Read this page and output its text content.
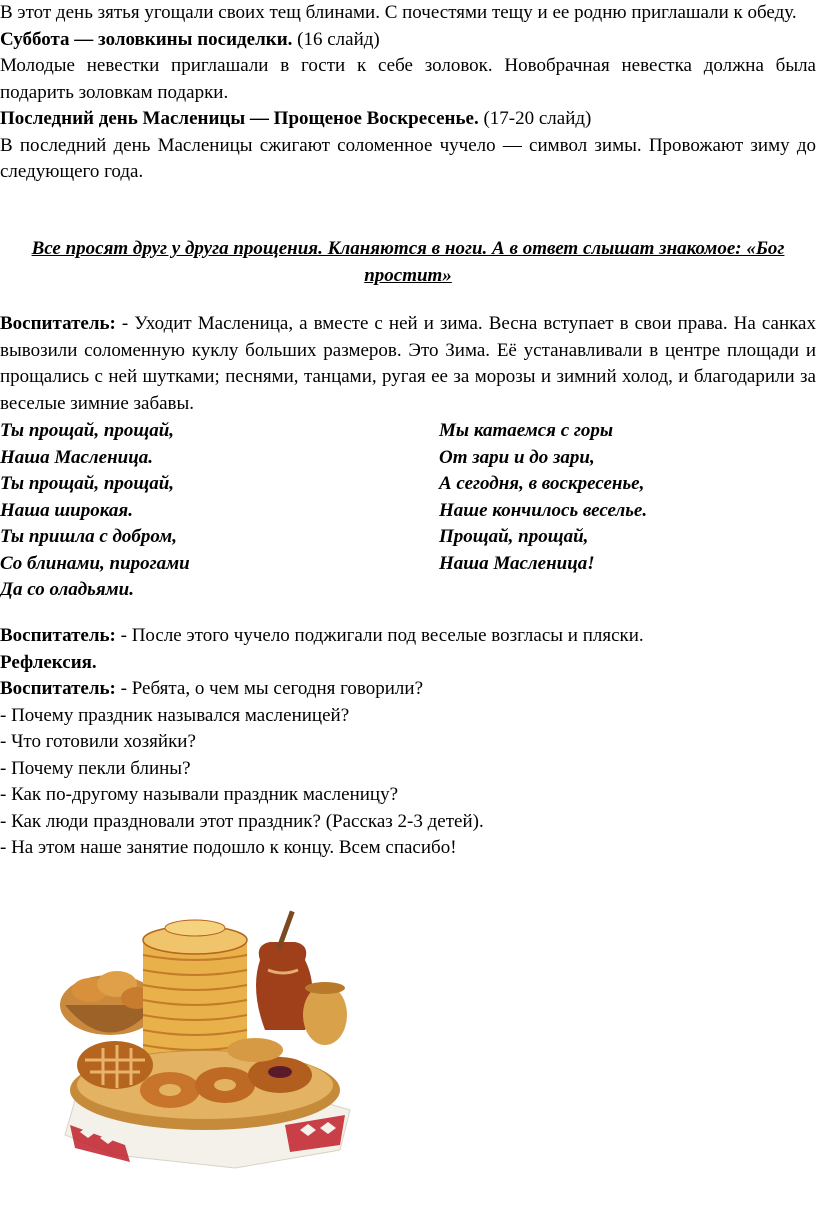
В этот день зятья угощали своих тещ блинами. С почестями тещу и ее родню приглашали к обеду.

Суббота — золовкины посиделки. (16 слайд)

Молодые невестки приглашали в гости к себе золовок. Новобрачная невестка должна была подарить золовкам подарки.

Последний день Масленицы — Прощеное Воскресенье. (17-20 слайд)

В последний день Масленицы сжигают соломенное чучело — символ зимы. Провожают зиму до следующего года.

Все просят друг у друга прощения. Кланяются в ноги. А в ответ слышат знакомое: «Бог простит»

Воспитатель: - Уходит Масленица, а вместе с ней и зима. Весна вступает в свои права. На санках вывозили соломенную куклу больших размеров. Это Зима. Её устанавливали в центре площади и прощались с ней шутками; песнями, танцами, ругая ее за морозы и зимний холод, и благодарили за веселые зимние забавы.

Ты прощай, прощай,
Наша Масленица.
Ты прощай, прощай,
Наша широкая.
Ты пришла с добром,
Со блинами, пирогами
Да со оладьями.
Мы катаемся с горы
От зари и до зари,
А сегодня, в воскресенье,
Наше кончилось веселье.
Прощай, прощай,
Наша Масленица!

Воспитатель: - После этого чучело поджигали под веселые возгласы и пляски.

Рефлексия.

Воспитатель: - Ребята, о чем мы сегодня говорили?

- Почему праздник назывался масленицей?

- Что готовили хозяйки?

- Почему пекли блины?

- Как по-другому называли праздник масленицу?

- Как люди праздновали этот праздник? (Рассказ 2-3 детей).

- На этом наше занятие подошло к концу. Всем спасибо!
